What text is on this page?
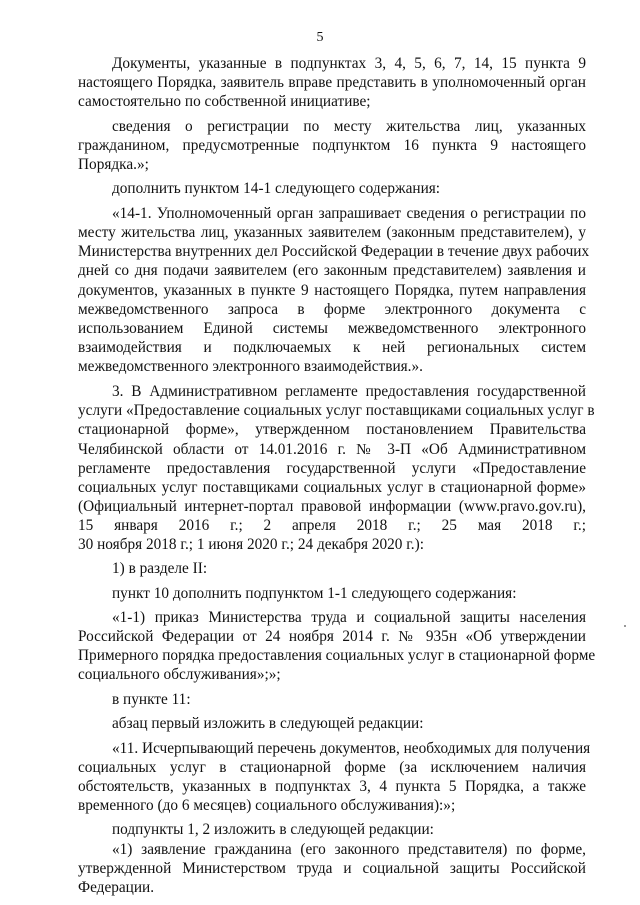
5
Документы, указанные в подпунктах 3, 4, 5, 6, 7, 14, 15 пункта 9
настоящего Порядка, заявитель вправе представить в уполномоченный орган
самостоятельно по собственной инициативе;
сведения о регистрации по месту жительства лиц, указанных
гражданином, предусмотренные подпунктом 16 пункта 9 настоящего
Порядка.»;
дополнить пунктом 14-1 следующего содержания:
«14-1. Уполномоченный орган запрашивает сведения о регистрации по
месту жительства лиц, указанных заявителем (законным представителем), у
Министерства внутренних дел Российской Федерации в течение двух рабочих
дней со дня подачи заявителем (его законным представителем) заявления и
документов, указанных в пункте 9 настоящего Порядка, путем направления
межведомственного запроса в форме электронного документа с
использованием Единой системы межведомственного электронного
взаимодействия и подключаемых к ней региональных систем
межведомственного электронного взаимодействия.».
3. В Административном регламенте предоставления государственной
услуги «Предоставление социальных услуг поставщиками социальных услуг в
стационарной форме», утвержденном постановлением Правительства
Челябинской области от 14.01.2016 г. № 3-П «Об Административном
регламенте предоставления государственной услуги «Предоставление
социальных услуг поставщиками социальных услуг в стационарной форме»
(Официальный интернет-портал правовой информации (www.pravo.gov.ru),
15 января 2016 г.; 2 апреля 2018 г.; 25 мая 2018 г.;
30 ноября 2018 г.; 1 июня 2020 г.; 24 декабря 2020 г.):
1) в разделе II:
пункт 10 дополнить подпунктом 1-1 следующего содержания:
«1-1) приказ Министерства труда и социальной защиты населения
Российской Федерации от 24 ноября 2014 г. № 935н «Об утверждении
Примерного порядка предоставления социальных услуг в стационарной форме
социального обслуживания»;»;
в пункте 11:
абзац первый изложить в следующей редакции:
«11. Исчерпывающий перечень документов, необходимых для получения
социальных услуг в стационарной форме (за исключением наличия
обстоятельств, указанных в подпунктах 3, 4 пункта 5 Порядка, а также
временного (до 6 месяцев) социального обслуживания):»;
подпункты 1, 2 изложить в следующей редакции:
«1) заявление гражданина (его законного представителя) по форме,
утвержденной Министерством труда и социальной защиты Российской
Федерации.
